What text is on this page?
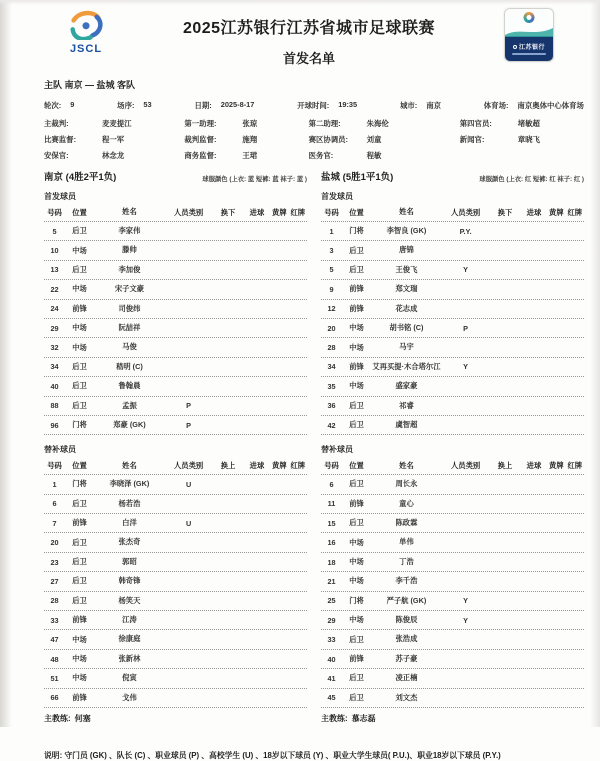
JSCL
2025江苏银行江苏省城市足球联赛
首发名单
江苏银行
主队 南京 — 盐城 客队
轮次: 9	场序: 53	日期: 2025-8-17	开球时间: 19:35	城市: 南京	体育场: 南京奥体中心体育场
主裁判:	麦麦提江	第一助理:	张琼	第二助理:	朱海伦	第四官员:	堵敏超
比赛监督:	程一军	裁判监督:	施翔	赛区协调员:	刘童	新闻官:	章晓飞
安保官:	林念龙	商务监督:	王珺	医务官:	程敏
南京 (4胜2平1负)	球服颜色 (上衣: 蓝 短裤: 蓝 袜子: 蓝 )
首发球员
号码	位置	姓名	人员类别	换下	进球	黄牌 红牌
5	后卫	李家伟
10	中场	滕帅
13	后卫	李加俊
22	中场	宋子文豪
24	前锋	司俊纬
29	中场	阮喆祥
32	中场	马俊
34	后卫	嵇明 (C)
40	后卫	鲁翰晨
88	后卫	孟振	P
96	门将	郑豪 (GK)	P
替补球员
号码	位置	姓名	人员类别	换上	进球	黄牌 红牌
1	门将	李晓泽 (GK)	U
6	后卫	杨若浩
7	前锋	白洋	U
20	后卫	张杰奇
23	后卫	郭昭
27	后卫	韩奇锋
28	后卫	杨笑天
33	前锋	江涛
47	中场	徐康庭
48	中场	张新林
51	中场	倪寅
66	前锋	戈伟
主教练: 何塞
盐城 (5胜1平1负)	球服颜色 (上衣: 红 短裤: 红 袜子: 红 )
首发球员
号码	位置	姓名	人员类别	换下	进球	黄牌 红牌
1	门将	李智良 (GK)	P.Y.
3	后卫	唐锦
5	后卫	王俊飞	Y
9	前锋	郑文瑞
12	前锋	花志成
20	中场	胡书铭 (C)	P
28	中场	马宇
34	前锋	艾再买提·木合塔尔江	Y
35	中场	盛家豪
36	后卫	祁睿
42	后卫	虞智超
替补球员
号码	位置	姓名	人员类别	换上	进球	黄牌 红牌
6	后卫	周长永
11	前锋	童心
15	后卫	陈政霖
16	中场	单伟
18	中场	丁浩
21	中场	李千浩
25	门将	严子航 (GK)	Y
29	中场	陈俊辰	Y
33	后卫	张浩成
40	前锋	苏子豪
41	后卫	凌正楠
45	后卫	刘文杰
主教练: 慕志磊
说明: 守门员 (GK) 、队长 (C) 、职业球员 (P) 、高校学生 (U) 、18岁以下球员 (Y) 、职业大学生球员( P.U.)、职业18岁以下球员 (P.Y.)
